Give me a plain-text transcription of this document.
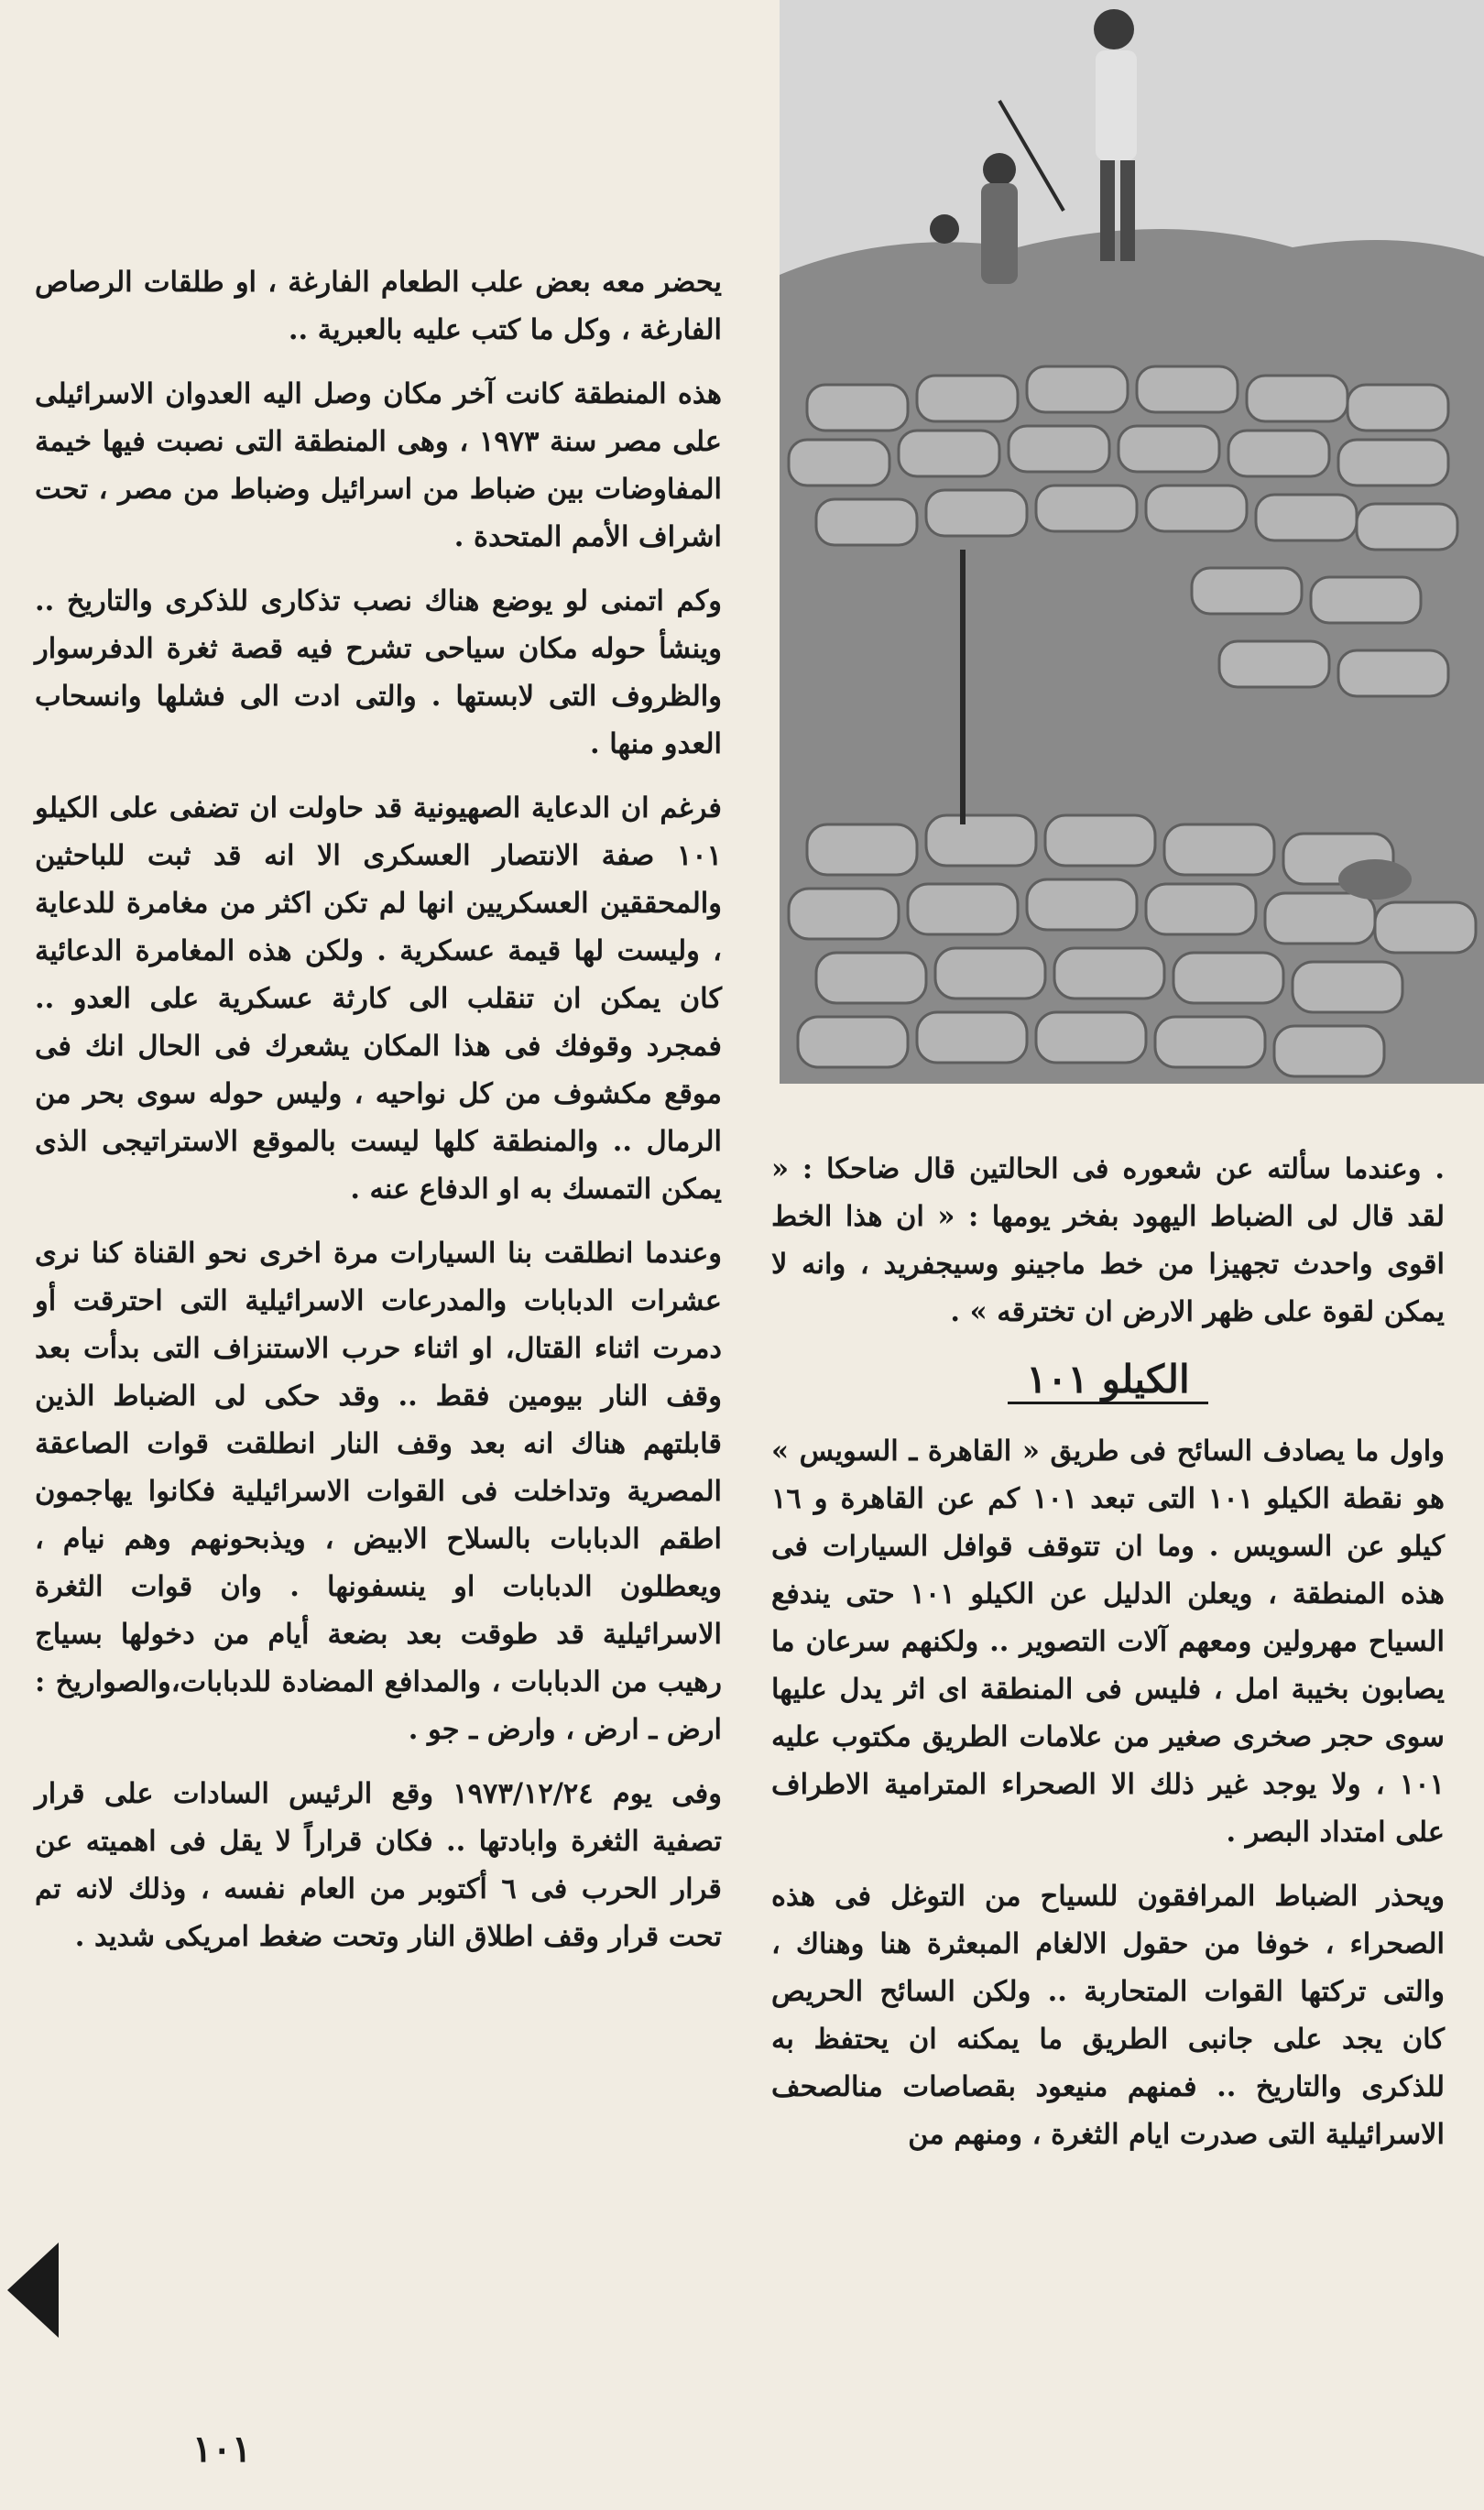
يحضر معه بعض علب الطعام الفارغة ، او طلقات الرصاص الفارغة ، وكل ما كتب عليه بالعبرية ..

هذه المنطقة كانت آخر مكان وصل اليه العدوان الاسرائيلى على مصر سنة ١٩٧٣ ، وهى المنطقة التى نصبت فيها خيمة المفاوضات بين ضباط من اسرائيل وضباط من مصر ، تحت اشراف الأمم المتحدة .

وكم اتمنى لو يوضع هناك نصب تذكارى للذكرى والتاريخ .. وينشأ حوله مكان سياحى تشرح فيه قصة ثغرة الدفرسوار والظروف التى لابستها . والتى ادت الى فشلها وانسحاب العدو منها .

فرغم ان الدعاية الصهيونية قد حاولت ان تضفى على الكيلو ١٠١ صفة الانتصار العسكرى الا انه قد ثبت للباحثين والمحققين العسكريين انها لم تكن اكثر من مغامرة للدعاية ، وليست لها قيمة عسكرية . ولكن هذه المغامرة الدعائية كان يمكن ان تنقلب الى كارثة عسكرية على العدو .. فمجرد وقوفك فى هذا المكان يشعرك فى الحال انك فى موقع مكشوف من كل نواحيه ، وليس حوله سوى بحر من الرمال .. والمنطقة كلها ليست بالموقع الاستراتيجى الذى يمكن التمسك به او الدفاع عنه .

وعندما انطلقت بنا السيارات مرة اخرى نحو القناة كنا نرى عشرات الدبابات والمدرعات الاسرائيلية التى احترقت أو دمرت اثناء القتال، او اثناء حرب الاستنزاف التى بدأت بعد وقف النار بيومين فقط .. وقد حكى لى الضباط الذين قابلتهم هناك انه بعد وقف النار انطلقت قوات الصاعقة المصرية وتداخلت فى القوات الاسرائيلية فكانوا يهاجمون اطقم الدبابات بالسلاح الابيض ، ويذبحونهم وهم نيام ، ويعطلون الدبابات او ينسفونها . وان قوات الثغرة الاسرائيلية قد طوقت بعد بضعة أيام من دخولها بسياج رهيب من الدبابات ، والمدافع المضادة للدبابات،والصواريخ : ارض ـ ارض ، وارض ـ جو .

وفى يوم ١٩٧٣/١٢/٢٤ وقع الرئيس السادات على قرار تصفية الثغرة وابادتها .. فكان قراراً لا يقل فى اهميته عن قرار الحرب فى ٦ أكتوبر من العام نفسه ، وذلك لانه تم تحت قرار وقف اطلاق النار وتحت ضغط امريكى شديد .

. وعندما سألته عن شعوره فى الحالتين قال ضاحكا : « لقد قال لى الضباط اليهود بفخر يومها : « ان هذا الخط اقوى واحدث تجهيزا من خط ماجينو وسيجفريد ، وانه لا يمكن لقوة على ظهر الارض ان تخترقه » .

الكيلو ١٠١

واول ما يصادف السائح فى طريق « القاهرة ـ السويس » هو نقطة الكيلو ١٠١ التى تبعد ١٠١ كم عن القاهرة و ١٦ كيلو عن السويس . وما ان تتوقف قوافل السيارات فى هذه المنطقة ، ويعلن الدليل عن الكيلو ١٠١ حتى يندفع السياح مهرولين ومعهم آلات التصوير .. ولكنهم سرعان ما يصابون بخيبة امل ، فليس فى المنطقة اى اثر يدل عليها سوى حجر صخرى صغير من علامات الطريق مكتوب عليه ١٠١ ، ولا يوجد غير ذلك الا الصحراء المترامية الاطراف على امتداد البصر .

ويحذر الضباط المرافقون للسياح من التوغل فى هذه الصحراء ، خوفا من حقول الالغام المبعثرة هنا وهناك ، والتى تركتها القوات المتحاربة .. ولكن السائح الحريص كان يجد على جانبى الطريق ما يمكنه ان يحتفظ به للذكرى والتاريخ .. فمنهم منيعود بقصاصات منالصحف الاسرائيلية التى صدرت ايام الثغرة ، ومنهم من

١٠١
